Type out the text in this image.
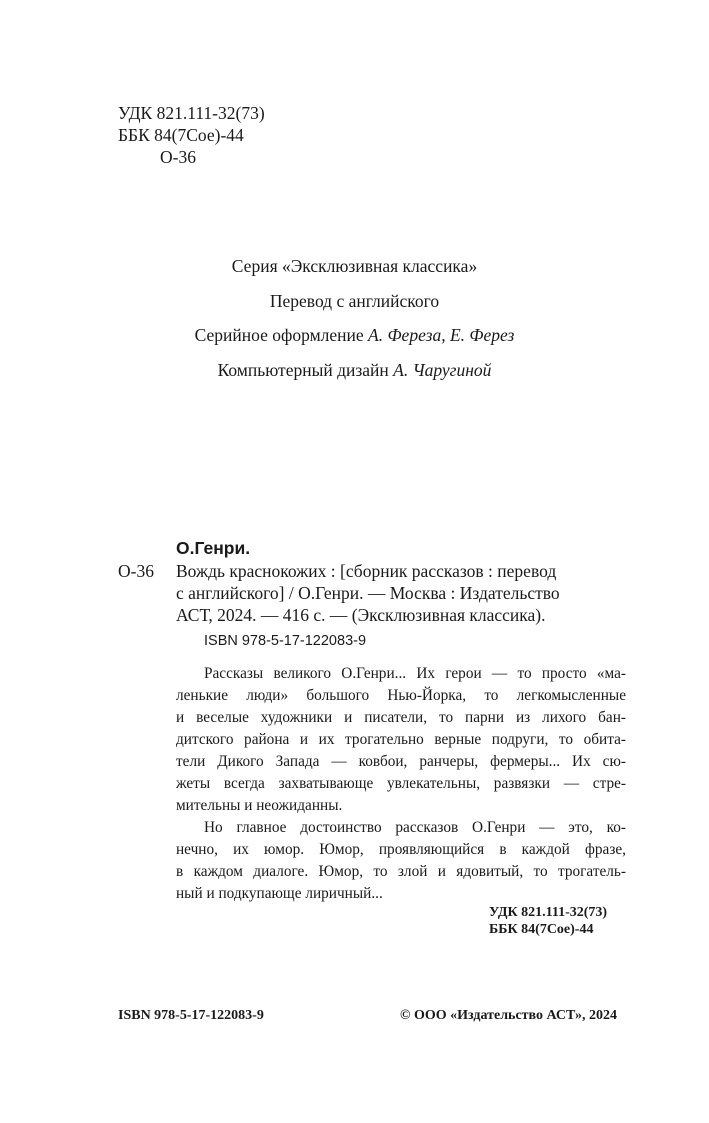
УДК 821.111-32(73)
ББК 84(7Сое)-44
О-36
Серия «Эксклюзивная классика»
Перевод с английского
Серийное оформление А. Фереза, Е. Ферез
Компьютерный дизайн А. Чаругиной
О.Генри.
О-36 Вождь краснокожих : [сборник рассказов : перевод
с английского] / О.Генри. — Москва : Издательство
АСТ, 2024. — 416 с. — (Эксклюзивная классика).
ISBN 978-5-17-122083-9
Рассказы великого О.Генри... Их герои — то просто «ма-
ленькие люди» большого Нью-Йорка, то легкомысленные
и веселые художники и писатели, то парни из лихого бан-
дитского района и их трогательно верные подруги, то обита-
тели Дикого Запада — ковбои, ранчеры, фермеры... Их сю-
жеты всегда захватывающе увлекательны, развязки — стре-
мительны и неожиданны.
Но главное достоинство рассказов О.Генри — это, ко-
нечно, их юмор. Юмор, проявляющийся в каждой фразе,
в каждом диалоге. Юмор, то злой и ядовитый, то трогатель-
ный и подкупающе лиричный...
УДК 821.111-32(73)
ББК 84(7Сое)-44
ISBN 978-5-17-122083-9	© ООО «Издательство АСТ», 2024
